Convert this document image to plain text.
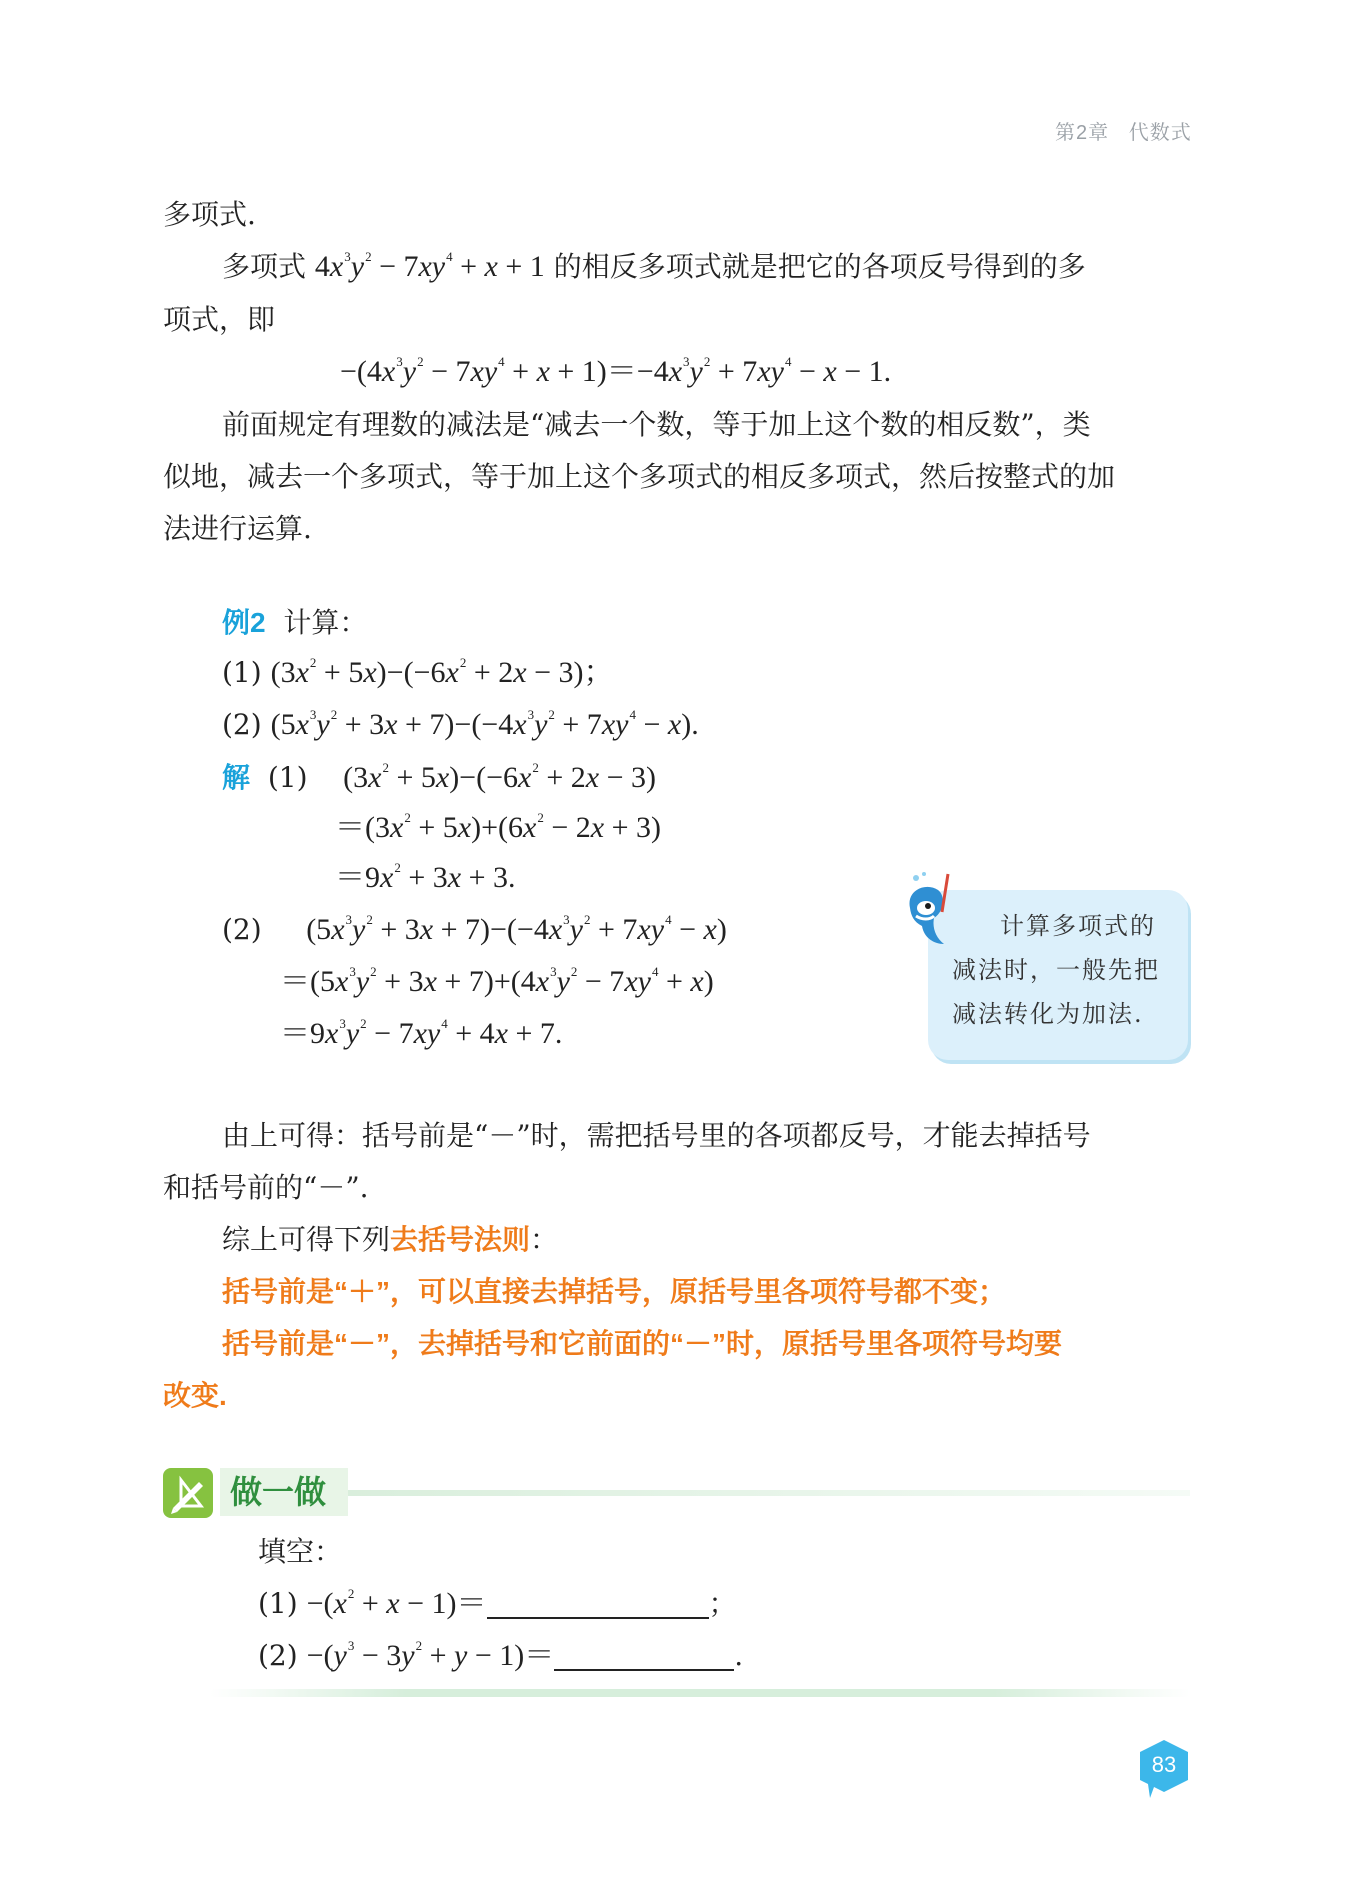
第2章 代数式
多项式.
多项式 $4x^3y^2 - 7xy^4 + x + 1$ 的相反多项式就是把它的各项反号得到的多
项式，即
$-(4x^3y^2 - 7xy^4 + x + 1)=-4x^3y^2 + 7xy^4 - x - 1$.
前面规定有理数的减法是“减去一个数，等于加上这个数的相反数”，类
似地，减去一个多项式，等于加上这个多项式的相反多项式，然后按整式的加
法进行运算.
例2 计算：
(1) $(3x^2 + 5x)-(-6x^2 + 2x - 3)$；
(2) $(5x^3y^2 + 3x + 7)-(-4x^3y^2 + 7xy^4 - x)$.
解 (1) $(3x^2 + 5x)-(-6x^2 + 2x - 3)$
$=(3x^2 + 5x)+(6x^2 - 2x + 3)$
$=9x^2 + 3x + 3$.
(2) $(5x^3y^2 + 3x + 7)-(-4x^3y^2 + 7xy^4 - x)$
$=(5x^3y^2 + 3x + 7)+(4x^3y^2 - 7xy^4 + x)$
$=9x^3y^2 - 7xy^4 + 4x + 7$.
计算多项式的
减法时，一般先把
减法转化为加法.
由上可得：括号前是“－”时，需把括号里的各项都反号，才能去掉括号
和括号前的“－”.
综上可得下列去括号法则：
括号前是“＋”，可以直接去掉括号，原括号里各项符号都不变；
括号前是“－”，去掉括号和它前面的“－”时，原括号里各项符号均要
改变.
做一做
填空：
$(1) -(x^2 + x - 1)=$	；
$(2) -(y^3 - 3y^2 + y - 1)=$	.
83
